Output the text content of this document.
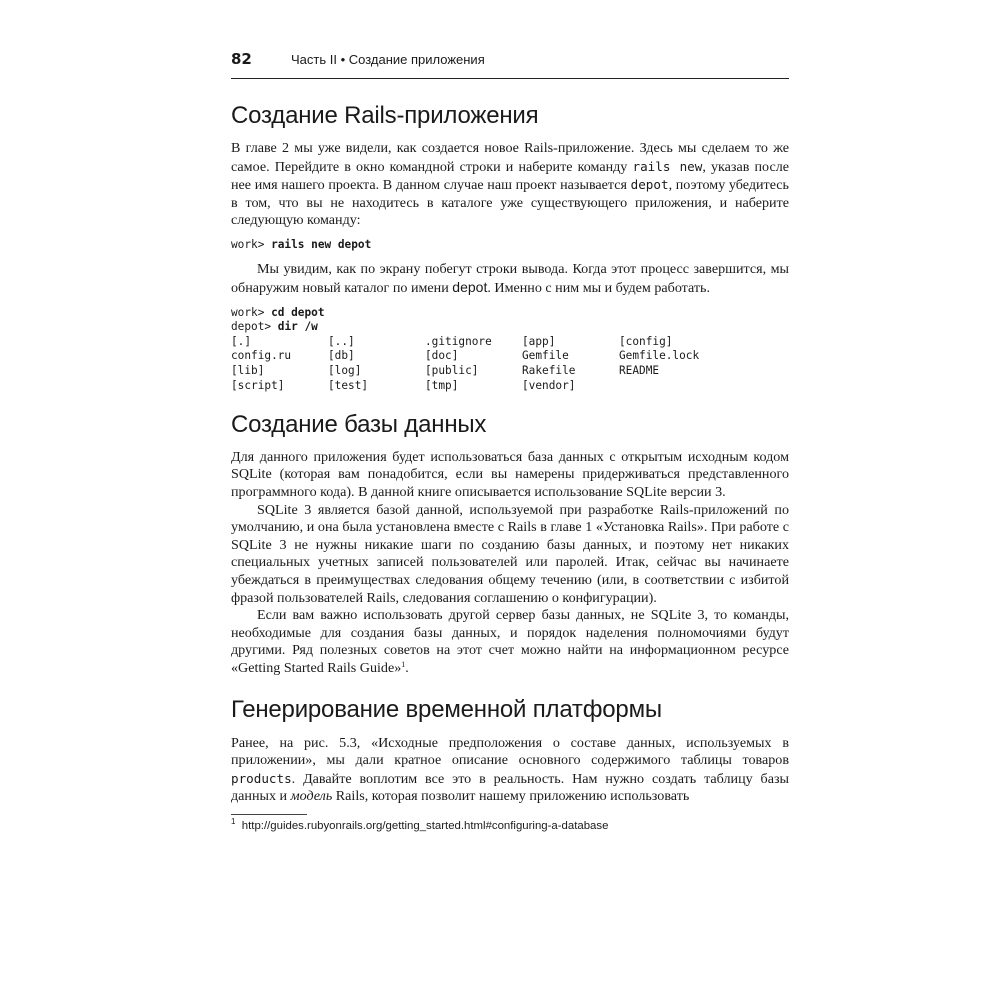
82	Часть II • Создание приложения
Создание Rails-приложения

В главе 2 мы уже видели, как создается новое Rails-приложение. Здесь мы сделаем то же самое. Перейдите в окно командной строки и наберите команду rails new, указав после нее имя нашего проекта. В данном случае наш проект называется depot, поэтому убедитесь в том, что вы не находитесь в каталоге уже существующего приложения, и наберите следующую команду:

work> rails new depot

Мы увидим, как по экрану побегут строки вывода. Когда этот процесс завершится, мы обнаружим новый каталог по имени depot. Именно с ним мы и будем работать.

work> cd depot
depot> dir /w
[.]	[..]	.gitignore	[app]	[config]
config.ru	[db]	[doc]	Gemfile	Gemfile.lock
[lib]	[log]	[public]	Rakefile	README
[script]	[test]	[tmp]	[vendor]	
Создание базы данных

Для данного приложения будет использоваться база данных с открытым исходным кодом SQLite (которая вам понадобится, если вы намерены придерживаться представленного программного кода). В данной книге описывается использование SQLite версии 3.

SQLite 3 является базой данной, используемой при разработке Rails-приложений по умолчанию, и она была установлена вместе с Rails в главе 1 «Установка Rails». При работе с SQLite 3 не нужны никакие шаги по созданию базы данных, и поэтому нет никаких специальных учетных записей пользователей или паролей. Итак, сейчас вы начинаете убеждаться в преимуществах следования общему течению (или, в соответствии с избитой фразой пользователей Rails, следования соглашению о конфигурации).

Если вам важно использовать другой сервер базы данных, не SQLite 3, то команды, необходимые для создания базы данных, и порядок наделения полномочиями будут другими. Ряд полезных советов на этот счет можно найти на информационном ресурсе «Getting Started Rails Guide»$^1$.

Генерирование временной платформы

Ранее, на рис. 5.3, «Исходные предположения о составе данных, используемых в приложении», мы дали кратное описание основного содержимого таблицы товаров products. Давайте воплотим все это в реальность. Нам нужно создать таблицу базы данных и модель Rails, которая позволит нашему приложению использовать

$^1$ http://guides.rubyonrails.org/getting_started.html#configuring-a-database
